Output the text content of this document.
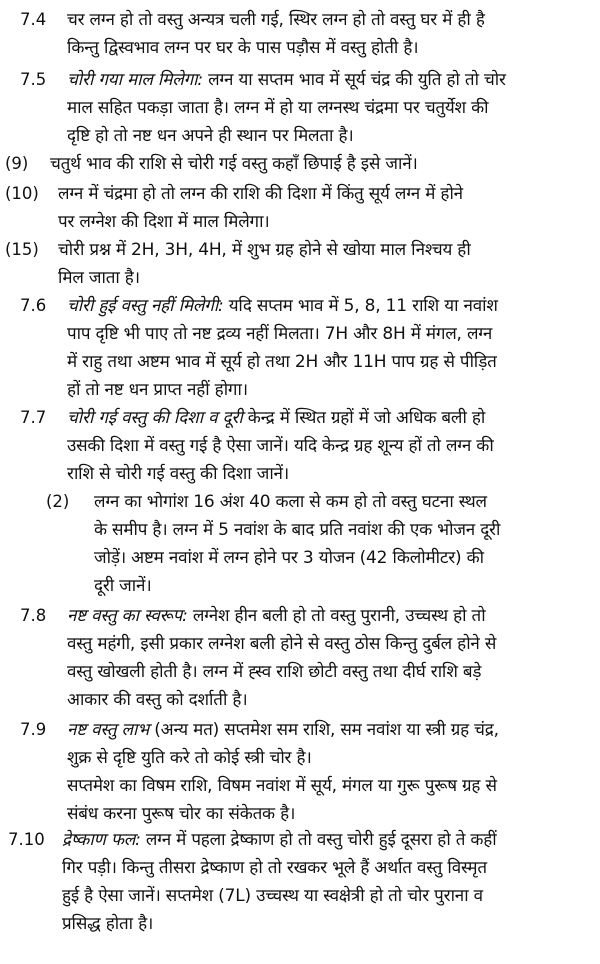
7.4 चर लग्न हो तो वस्तु अन्यत्र चली गई, स्थिर लग्न हो तो वस्तु घर में ही है
किन्तु द्विस्वभाव लग्न पर घर के पास पड़ौस में वस्तु होती है।
7.5 चोरी गया माल मिलेगा: लग्न या सप्तम भाव में सूर्य चंद्र की युति हो तो चोर
माल सहित पकड़ा जाता है। लग्न में हो या लग्नस्थ चंद्रमा पर चतुर्येश की
दृष्टि हो तो नष्ट धन अपने ही स्थान पर मिलता है।
(9) चतुर्थ भाव की राशि से चोरी गई वस्तु कहाँ छिपाई है इसे जानें।
(10) लग्न में चंद्रमा हो तो लग्न की राशि की दिशा में किंतु सूर्य लग्न में होने
पर लग्नेश की दिशा में माल मिलेगा।
(15) चोरी प्रश्न में 2H, 3H, 4H, में शुभ ग्रह होने से खोया माल निश्चय ही
मिल जाता है।
7.6 चोरी हुई वस्तु नहीं मिलेगी: यदि सप्तम भाव में 5, 8, 11 राशि या नवांश
पाप दृष्टि भी पाए तो नष्ट द्रव्य नहीं मिलता। 7H और 8H में मंगल, लग्न
में राहु तथा अष्टम भाव में सूर्य हो तथा 2H और 11H पाप ग्रह से पीड़ित
हों तो नष्ट धन प्राप्त नहीं होगा।
7.7 चोरी गई वस्तु की दिशा व दूरी केन्द्र में स्थित ग्रहों में जो अधिक बली हो
उसकी दिशा में वस्तु गई है ऐसा जानें। यदि केन्द्र ग्रह शून्य हों तो लग्न की
राशि से चोरी गई वस्तु की दिशा जानें।
(2) लग्न का भोगांश 16 अंश 40 कला से कम हो तो वस्तु घटना स्थल
के समीप है। लग्न में 5 नवांश के बाद प्रति नवांश की एक भोजन दूरी
जोड़ें। अष्टम नवांश में लग्न होने पर 3 योजन (42 किलोमीटर) की
दूरी जानें।
7.8 नष्ट वस्तु का स्वरूप: लग्नेश हीन बली हो तो वस्तु पुरानी, उच्चस्थ हो तो
वस्तु महंगी, इसी प्रकार लग्नेश बली होने से वस्तु ठोस किन्तु दुर्बल होने से
वस्तु खोखली होती है। लग्न में ह्स्व राशि छोटी वस्तु तथा दीर्घ राशि बड़े
आकार की वस्तु को दर्शाती है।
7.9 नष्ट वस्तु लाभ (अन्य मत) सप्तमेश सम राशि, सम नवांश या स्त्री ग्रह चंद्र,
शुक्र से दृष्टि युति करे तो कोई स्त्री चोर है।
सप्तमेश का विषम राशि, विषम नवांश में सूर्य, मंगल या गुरू पुरूष ग्रह से
संबंध करना पुरूष चोर का संकेतक है।
7.10 द्रेष्काण फल: लग्न में पहला द्रेष्काण हो तो वस्तु चोरी हुई दूसरा हो ते कहीं
गिर पड़ी। किन्तु तीसरा द्रेष्काण हो तो रखकर भूले हैं अर्थात वस्तु विस्मृत
हुई है ऐसा जानें। सप्तमेश (7L) उच्चस्थ या स्वक्षेत्री हो तो चोर पुराना व
प्रसिद्ध होता है।
